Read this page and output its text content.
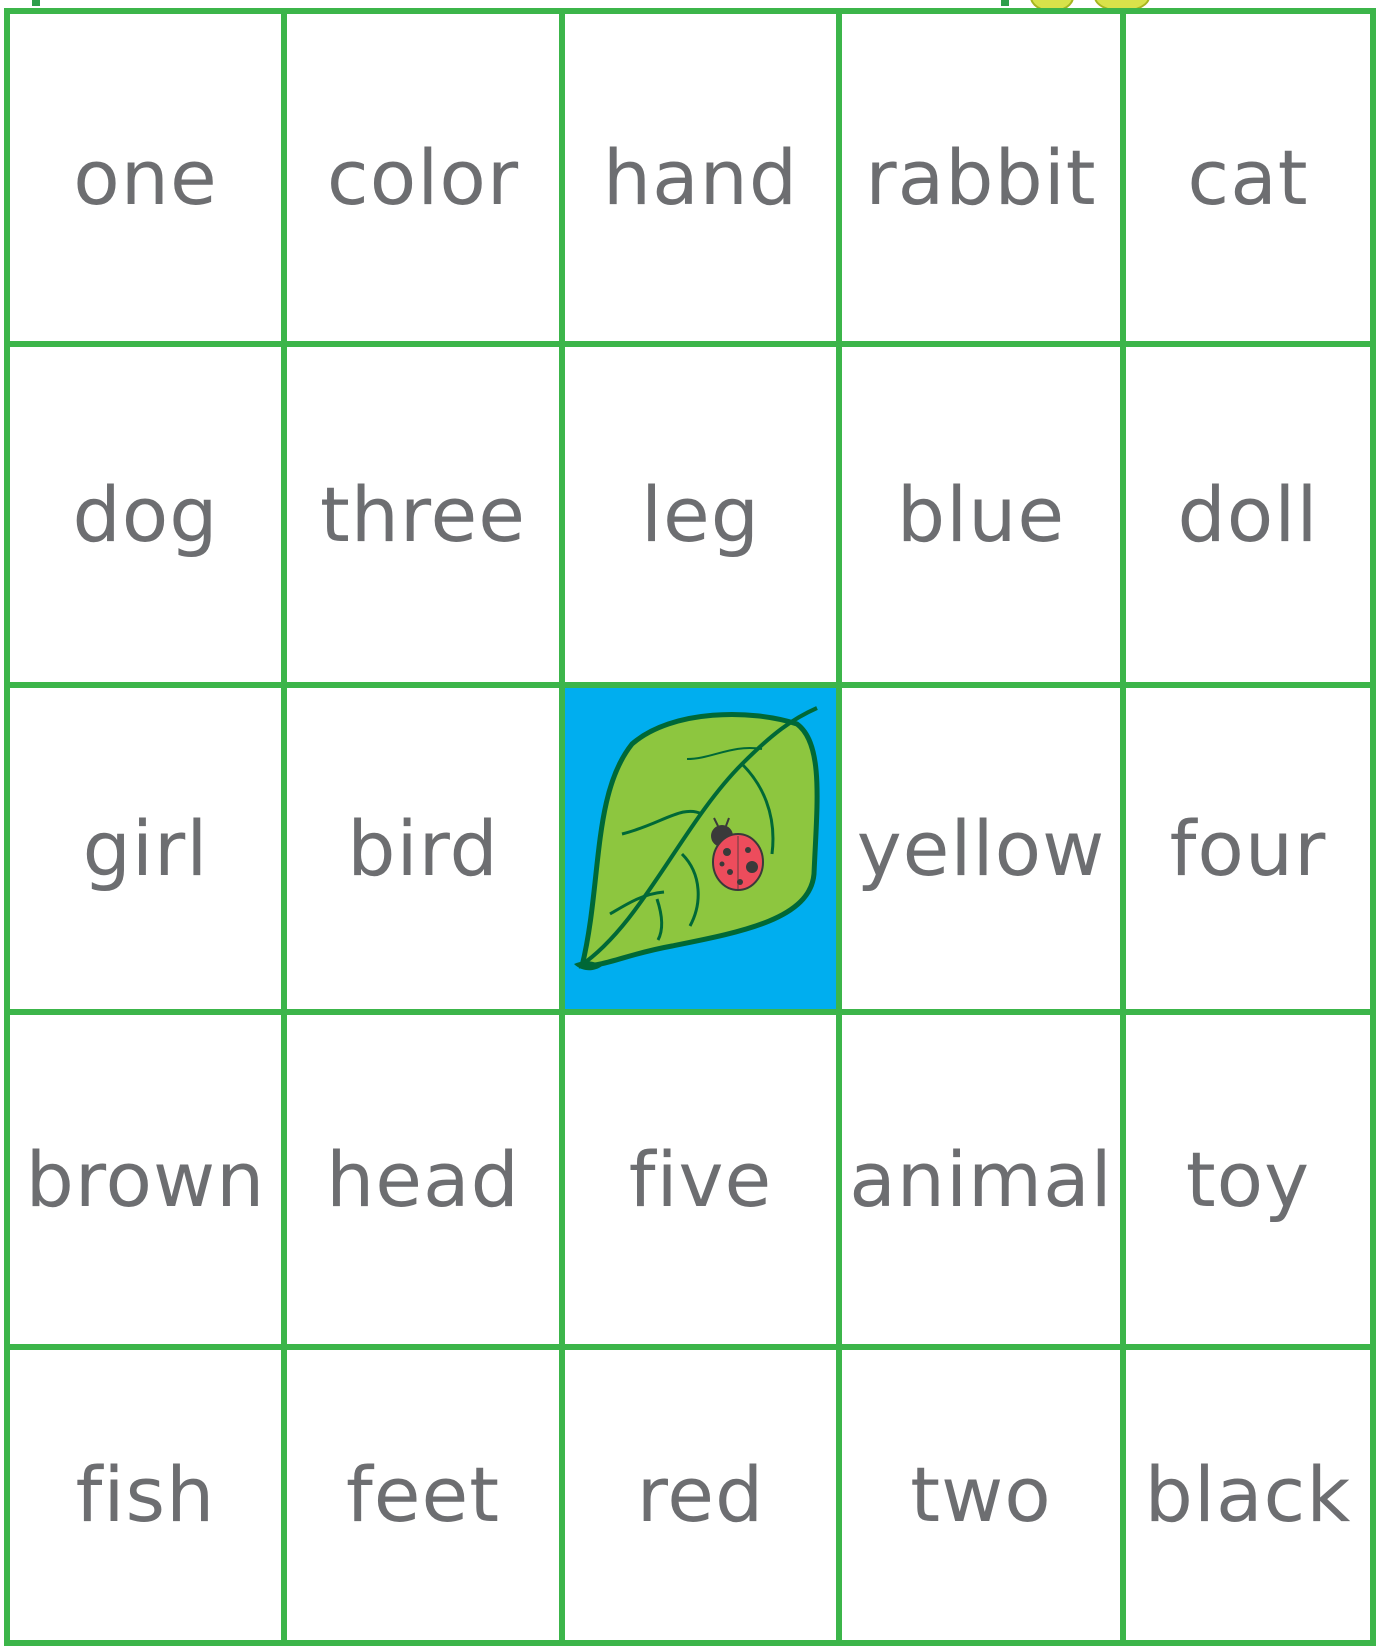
one color hand rabbit cat
dog three leg blue doll
girl bird	yellow four
brown head five animal toy
fish feet red two black
